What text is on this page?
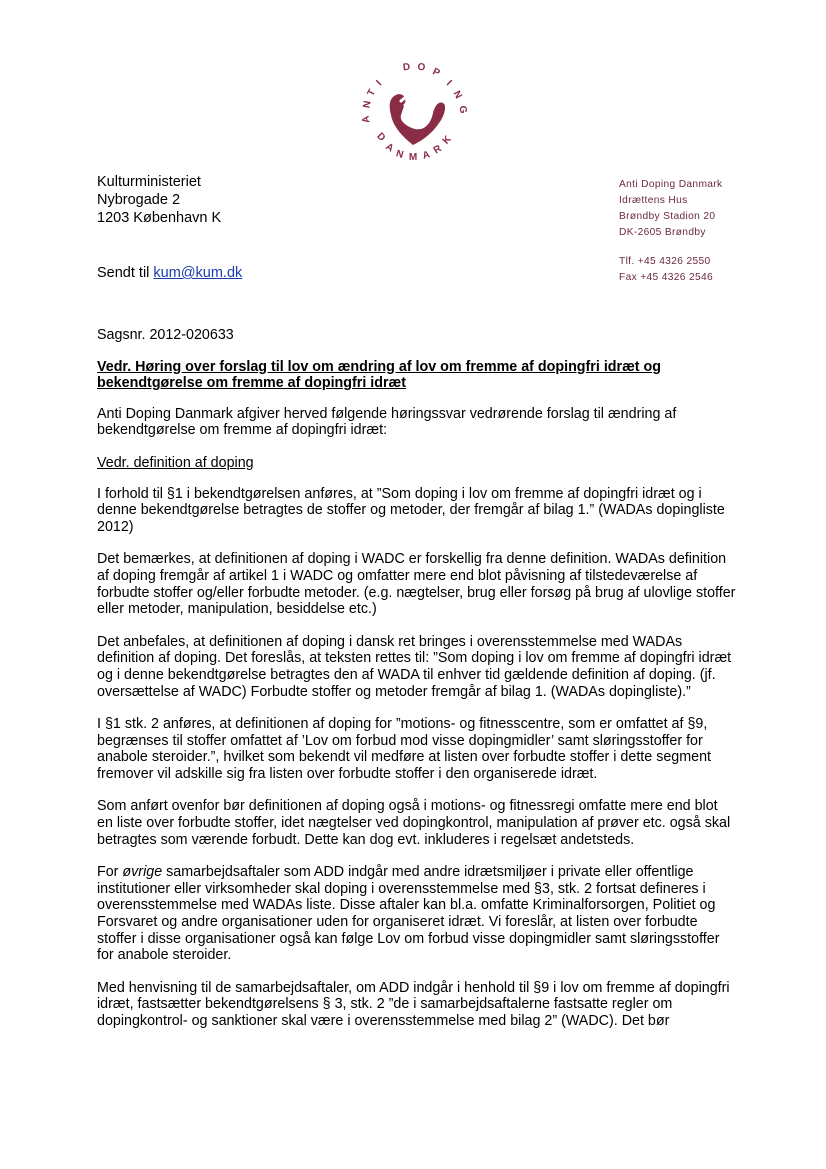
A
N
T
I
D O P
I
N
G
D
A
N M A R
K
Kulturministeriet
Nybrogade 2
1203 København K
Anti Doping Danmark
Idrættens Hus
Brøndby Stadion 20
DK-2605 Brøndby
Tlf. +45 4326 2550
Fax +45 4326 2546
Sendt til kum@kum.dk

Sagsnr. 2012-020633

Vedr. Høring over forslag til lov om ændring af lov om fremme af dopingfri idræt og bekendtgørelse om fremme af dopingfri idræt

Anti Doping Danmark afgiver herved følgende høringssvar vedrørende forslag til ændring af bekendtgørelse om fremme af dopingfri idræt:

Vedr. definition af doping

I forhold til §1 i bekendtgørelsen anføres, at ”Som doping i lov om fremme af dopingfri idræt og i denne bekendtgørelse betragtes de stoffer og metoder, der fremgår af bilag 1.” (WADAs dopingliste 2012)

Det bemærkes, at definitionen af doping i WADC er forskellig fra denne definition. WADAs definition af doping fremgår af artikel 1 i WADC og omfatter mere end blot påvisning af tilstedeværelse af forbudte stoffer og/eller forbudte metoder. (e.g. nægtelser, brug eller forsøg på brug af ulovlige stoffer eller metoder, manipulation, besiddelse etc.)

Det anbefales, at definitionen af doping i dansk ret bringes i overensstemmelse med WADAs definition af doping. Det foreslås, at teksten rettes til: ”Som doping i lov om fremme af dopingfri idræt og i denne bekendtgørelse betragtes den af WADA til enhver tid gældende definition af doping. (jf. oversættelse af WADC) Forbudte stoffer og metoder fremgår af bilag 1. (WADAs dopingliste).”

I §1 stk. 2 anføres, at definitionen af doping for ”motions- og fitnesscentre, som er omfattet af §9, begrænses til stoffer omfattet af ’Lov om forbud mod visse dopingmidler’ samt sløringsstoffer for anabole steroider.”, hvilket som bekendt vil medføre at listen over forbudte stoffer i dette segment fremover vil adskille sig fra listen over forbudte stoffer i den organiserede idræt.

Som anført ovenfor bør definitionen af doping også i motions- og fitnessregi omfatte mere end blot en liste over forbudte stoffer, idet nægtelser ved dopingkontrol, manipulation af prøver etc. også skal betragtes som værende forbudt. Dette kan dog evt. inkluderes i regelsæt andetsteds.

For øvrige samarbejdsaftaler som ADD indgår med andre idrætsmiljøer i private eller offentlige institutioner eller virksomheder skal doping i overensstemmelse med §3, stk. 2 fortsat defineres i overensstemmelse med WADAs liste. Disse aftaler kan bl.a. omfatte Kriminalforsorgen, Politiet og Forsvaret og andre organisationer uden for organiseret idræt. Vi foreslår, at listen over forbudte stoffer i disse organisationer også kan følge Lov om forbud visse dopingmidler samt sløringsstoffer for anabole steroider.

Med henvisning til de samarbejdsaftaler, om ADD indgår i henhold til §9 i lov om fremme af dopingfri idræt, fastsætter bekendtgørelsens § 3, stk. 2 ”de i samarbejdsaftalerne fastsatte regler om dopingkontrol- og sanktioner skal være i overensstemmelse med bilag 2” (WADC). Det bør
